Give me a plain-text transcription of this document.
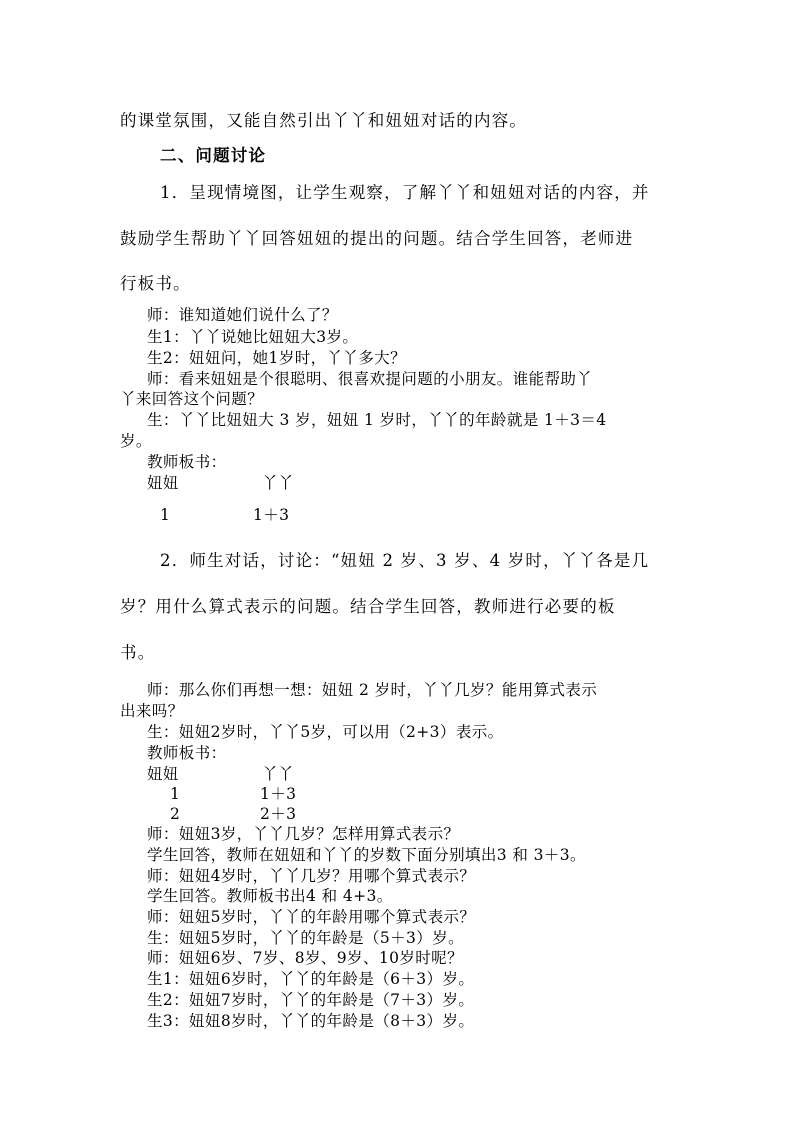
的课堂氛围，又能自然引出丫丫和妞妞对话的内容。
二、问题讨论
1．呈现情境图，让学生观察，了解丫丫和妞妞对话的内容，并
鼓励学生帮助丫丫回答妞妞的提出的问题。结合学生回答，老师进
行板书。
师：谁知道她们说什么了？
生1：丫丫说她比妞妞大3岁。
生2：妞妞问，她1岁时，丫丫多大？
师：看来妞妞是个很聪明、很喜欢提问题的小朋友。谁能帮助丫
丫来回答这个问题？
生：丫丫比妞妞大 3 岁，妞妞 1 岁时，丫丫的年龄就是 1＋3＝4
岁。
教师板书：
妞妞	丫丫
1	1＋3
2．师生对话，讨论：“妞妞 2 岁、3 岁、4 岁时，丫丫各是几
岁？用什么算式表示的问题。结合学生回答，教师进行必要的板
书。
师：那么你们再想一想：妞妞 2 岁时，丫丫几岁？能用算式表示
出来吗？
生：妞妞2岁时，丫丫5岁，可以用（2+3）表示。
教师板书：
妞妞	丫丫
1	1＋3
2	2＋3
师：妞妞3岁，丫丫几岁？怎样用算式表示？
学生回答，教师在妞妞和丫丫的岁数下面分别填出3 和 3＋3。
师：妞妞4岁时，丫丫几岁？用哪个算式表示？
学生回答。教师板书出4 和 4+3。
师：妞妞5岁时，丫丫的年龄用哪个算式表示？
生：妞妞5岁时，丫丫的年龄是（5＋3）岁。
师：妞妞6岁、7岁、8岁、9岁、10岁时呢？
生1：妞妞6岁时，丫丫的年龄是（6＋3）岁。
生2：妞妞7岁时，丫丫的年龄是（7＋3）岁。
生3：妞妞8岁时，丫丫的年龄是（8＋3）岁。
